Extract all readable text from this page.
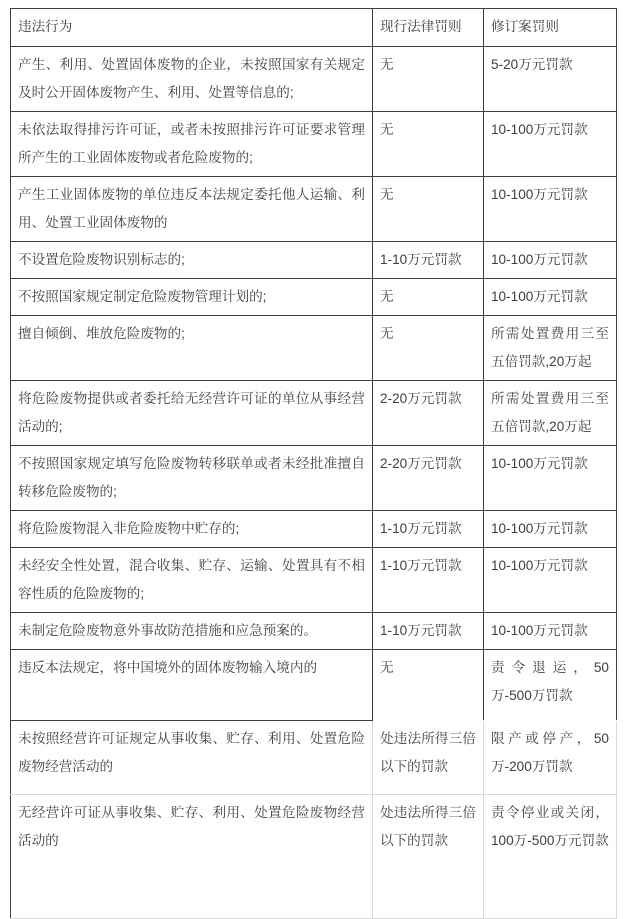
违法行为	现行法律罚则	修订案罚则
产生、利用、处置固体废物的企业，未按照国家有关规定及时公开固体废物产生、利用、处置等信息的;	无	5-20万元罚款
未依法取得排污许可证，或者未按照排污许可证要求管理所产生的工业固体废物或者危险废物的;	无	10-100万元罚款
产生工业固体废物的单位违反本法规定委托他人运输、利用、处置工业固体废物的	无	10-100万元罚款
不设置危险废物识别标志的;	1-10万元罚款	10-100万元罚款
不按照国家规定制定危险废物管理计划的;	无	10-100万元罚款
擅自倾倒、堆放危险废物的;	无	所需处置费用三至五倍罚款,20万起
将危险废物提供或者委托给无经营许可证的单位从事经营活动的;	2-20万元罚款	所需处置费用三至五倍罚款,20万起
不按照国家规定填写危险废物转移联单或者未经批准擅自转移危险废物的;	2-20万元罚款	10-100万元罚款
将危险废物混入非危险废物中贮存的;	1-10万元罚款	10-100万元罚款
未经安全性处置，混合收集、贮存、运输、处置具有不相容性质的危险废物的;	1-10万元罚款	10-100万元罚款
未制定危险废物意外事故防范措施和应急预案的。	1-10万元罚款	10-100万元罚款
违反本法规定，将中国境外的固体废物输入境内的	无	责令退运，50万-500万罚款
未按照经营许可证规定从事收集、贮存、利用、处置危险废物经营活动的	处违法所得三倍以下的罚款	限产或停产，50万-200万罚款
无经营许可证从事收集、贮存、利用、处置危险废物经营活动的	处违法所得三倍以下的罚款	责令停业或关闭，100万-500万元罚款
